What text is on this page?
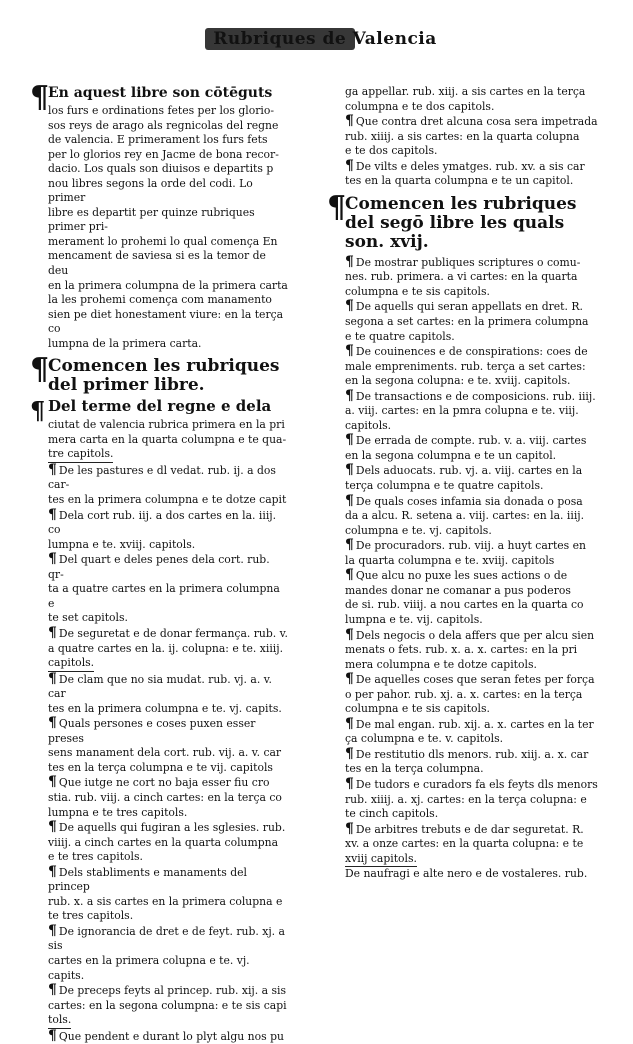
Rubriques de Valencia
¶
En aquest libre son cōtēguts
los furs e ordinations fetes per los glorio-
sos reys de arago als regnicolas del regne
de valencia. E primerament los furs fets
per lo glorios rey en Jacme de bona recor-
dacio. Los quals son diuisos e departits p
nou libres segons la orde del codi. Lo primer
libre es departit per quinze rubriques primer pri-
merament lo prohemi lo qual comença En
mencament de saviesa si es la temor de deu
en la primera columpna de la primera carta
la les prohemi comença com manamento
sien pe diet honestament viure: en la terça co
lumpna de la primera carta.
¶
Comencen les rubriques del primer libre.
¶ Del terme del regne e dela
ciutat de valencia rubrica primera en la pri
mera carta en la quarta columpna e te qua-
tre capitols.
¶ De les pastures e dl vedat. rub. ij. a dos car-
tes en la primera columpna e te dotze capit
¶ Dela cort rub. iij. a dos cartes en la. iiij. co
lumpna e te. xviij. capitols.
¶ Del quart e deles penes dela cort. rub. qr-
ta a quatre cartes en la primera columpna e
te set capitols.
¶ De seguretat e de donar fermança. rub. v.
a quatre cartes en la. ij. colupna: e te. xiiij.
capitols.
¶ De clam que no sia mudat. rub. vj. a. v. car
tes en la primera columpna e te. vj. capits.
¶ Quals persones e coses puxen esser preses
sens manament dela cort. rub. vij. a. v. car
tes en la terça columpna e te vij. capitols
¶ Que iutge ne cort no baja esser fiu cro
stia. rub. viij. a cinch cartes: en la terça co
lumpna e te tres capitols.
¶ De aquells qui fugiran a les sglesies. rub.
viiij. a cinch cartes en la quarta columpna
e te tres capitols.
¶ Dels stabliments e manaments del princep
rub. x. a sis cartes en la primera colupna e
te tres capitols.
¶ De ignorancia de dret e de feyt. rub. xj. a sis
cartes en la primera colupna e te. vj. capits.
¶ De preceps feyts al princep. rub. xij. a sis
cartes: en la segona columpna: e te sis capi
tols.
¶ Que pendent e durant lo plyt algu nos pu
ga appellar. rub. xiij. a sis cartes en la terça
columpna e te dos capitols.
¶ Que contra dret alcuna cosa sera impetrada
rub. xiiij. a sis cartes: en la quarta colupna
e te dos capitols.
¶ De vilts e deles ymatges. rub. xv. a sis car
tes en la quarta columpna e te un capitol.
¶
Comencen les rubriques del segō libre les quals son. xvij.
¶ De mostrar publiques scriptures o comu-
nes. rub. primera. a vi cartes: en la quarta
columpna e te sis capitols.
¶ De aquells qui seran appellats en dret. R.
segona a set cartes: en la primera columpna
e te quatre capitols.
¶ De couinences e de conspirations: coes de
male empreniments. rub. terça a set cartes:
en la segona colupna: e te. xviij. capitols.
¶ De transactions e de composicions. rub. iiij.
a. viij. cartes: en la pmra colupna e te. viij.
capitols.
¶ De errada de compte. rub. v. a. viij. cartes
en la segona columpna e te un capitol.
¶ Dels aduocats. rub. vj. a. viij. cartes en la
terça columpna e te quatre capitols.
¶ De quals coses infamia sia donada o posa
da a alcu. R. setena a. viij. cartes: en la. iiij.
columpna e te. vj. capitols.
¶ De procuradors. rub. viij. a huyt cartes en
la quarta columpna e te. xviij. capitols
¶ Que alcu no puxe les sues actions o de
mandes donar ne comanar a pus poderos
de si. rub. viiij. a nou cartes en la quarta co
lumpna e te. vij. capitols.
¶ Dels negocis o dela affers que per alcu sien
menats o fets. rub. x. a. x. cartes: en la pri
mera columpna e te dotze capitols.
¶ De aquelles coses que seran fetes per força
o per pahor. rub. xj. a. x. cartes: en la terça
columpna e te sis capitols.
¶ De mal engan. rub. xij. a. x. cartes en la ter
ça columpna e te. v. capitols.
¶ De restitutio dls menors. rub. xiij. a. x. car
tes en la terça columpna.
¶ De tudors e curadors fa els feyts dls menors
rub. xiiij. a. xj. cartes: en la terça colupna: e
te cinch capitols.
¶ De arbitres trebuts e de dar seguretat. R.
xv. a onze cartes: en la quarta colupna: e te
xviij capitols.
De naufragi e alte nero e de vostaleres. rub.
